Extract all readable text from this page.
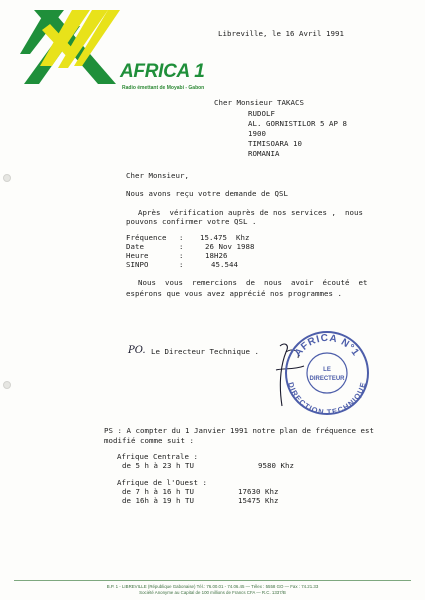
AFRICA 1
Radio émettant de Moyabi - Gabon
Libreville, le 16 Avril 1991
Cher Monsieur TAKACS
RUDOLF
AL. GORNISTILOR 5 AP 8
1900
TIMISOARA 10
ROMANIA
Cher Monsieur,
Nous avons reçu votre demande de QSL
Après  vérification auprès de nos services ,  nous
pouvons confirmer votre QSL .
Fréquence : 15.475  Khz
Date	:	26 Nov 1988
Heure	:	18H26
SINPO	:	45.544
Nous  vous  remercions  de  nous  avoir  écouté  et
espérons que vous avez apprécié nos programmes .
PO. Le Directeur Technique .	AFRICA N°1
DIRECTION TECHNIQUE
LE
DIRECTEUR
PS : A compter du 1 Janvier 1991 notre plan de fréquence est
modifié comme suit :
Afrique Centrale :
de 5 h à 23 h TU	9580 Khz
Afrique de l'Ouest :
de 7 h à 16 h TU	17630 Khz
de 16h à 19 h TU	15475 Khz
B.P. 1 - LIBREVILLE (République Gabonaise) Tél.: 76.00.01 - 74.06.45 — Télex : 5558 GO — Fax : 74.21.33
Société Anonyme au Capital de 100 millions de Francs CFA — R.C. 1337/B
